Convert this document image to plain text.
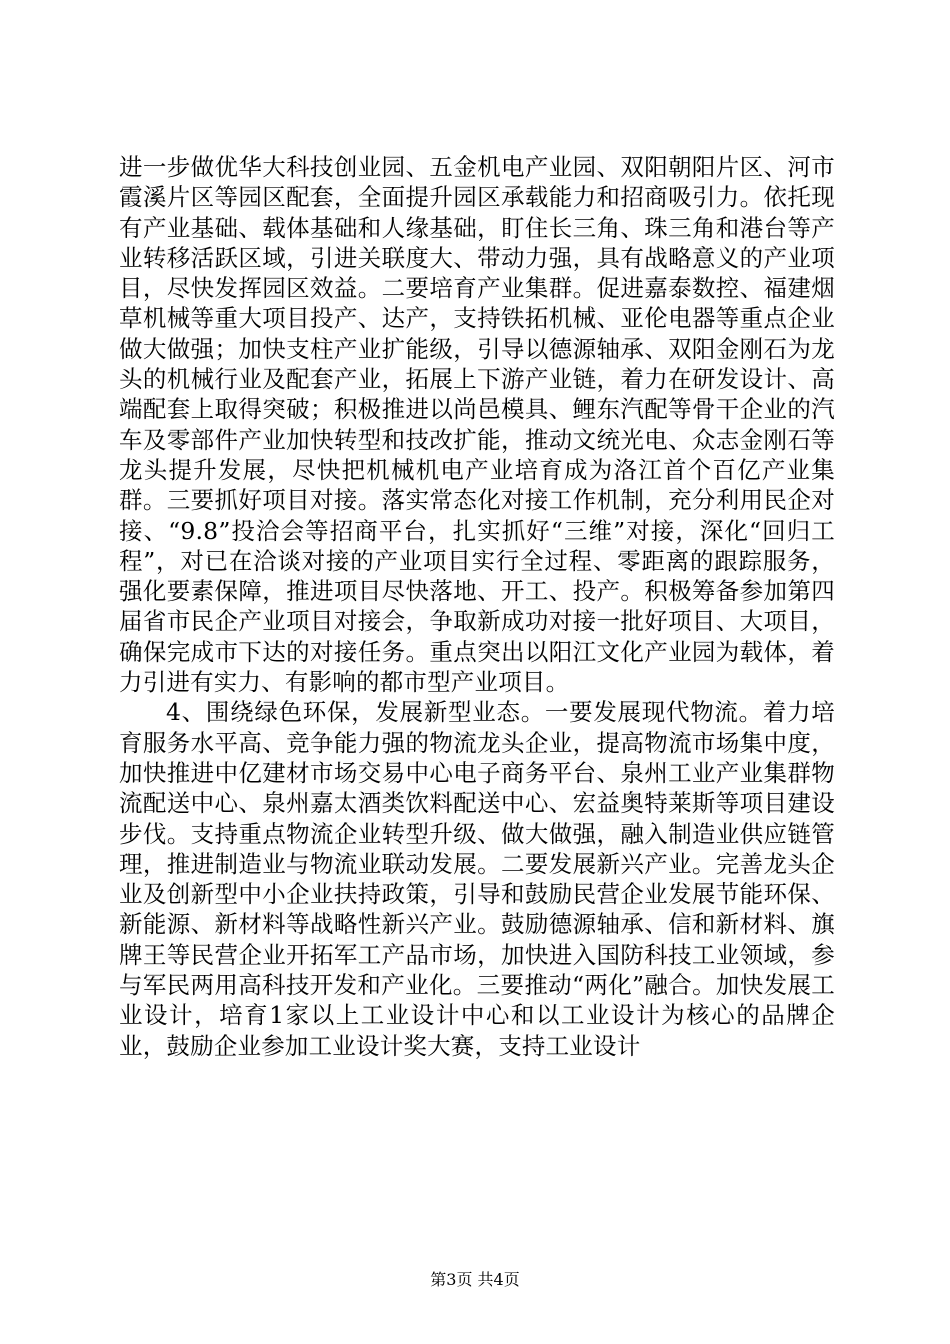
进一步做优华大科技创业园、五金机电产业园、双阳朝阳片区、河市霞溪片区等园区配套，全面提升园区承载能力和招商吸引力。依托现有产业基础、载体基础和人缘基础，盯住长三角、珠三角和港台等产业转移活跃区域，引进关联度大、带动力强，具有战略意义的产业项目，尽快发挥园区效益。二要培育产业集群。促进嘉泰数控、福建烟草机械等重大项目投产、达产，支持铁拓机械、亚伦电器等重点企业做大做强；加快支柱产业扩能级，引导以德源轴承、双阳金刚石为龙头的机械行业及配套产业，拓展上下游产业链，着力在研发设计、高端配套上取得突破；积极推进以尚邑模具、鲤东汽配等骨干企业的汽车及零部件产业加快转型和技改扩能，推动文统光电、众志金刚石等龙头提升发展，尽快把机械机电产业培育成为洛江首个百亿产业集群。三要抓好项目对接。落实常态化对接工作机制，充分利用民企对接、“9.8”投洽会等招商平台，扎实抓好“三维”对接，深化“回归工程”，对已在洽谈对接的产业项目实行全过程、零距离的跟踪服务，强化要素保障，推进项目尽快落地、开工、投产。积极筹备参加第四届省市民企产业项目对接会，争取新成功对接一批好项目、大项目，确保完成市下达的对接任务。重点突出以阳江文化产业园为载体，着力引进有实力、有影响的都市型产业项目。

4、围绕绿色环保，发展新型业态。一要发展现代物流。着力培育服务水平高、竞争能力强的物流龙头企业，提高物流市场集中度，加快推进中亿建材市场交易中心电子商务平台、泉州工业产业集群物流配送中心、泉州嘉太酒类饮料配送中心、宏益奥特莱斯等项目建设步伐。支持重点物流企业转型升级、做大做强，融入制造业供应链管理，推进制造业与物流业联动发展。二要发展新兴产业。完善龙头企业及创新型中小企业扶持政策，引导和鼓励民营企业发展节能环保、新能源、新材料等战略性新兴产业。鼓励德源轴承、信和新材料、旗牌王等民营企业开拓军工产品市场，加快进入国防科技工业领域，参与军民两用高科技开发和产业化。三要推动“两化”融合。加快发展工业设计，培育1家以上工业设计中心和以工业设计为核心的品牌企业，鼓励企业参加工业设计奖大赛，支持工业设计

第3页 共4页
